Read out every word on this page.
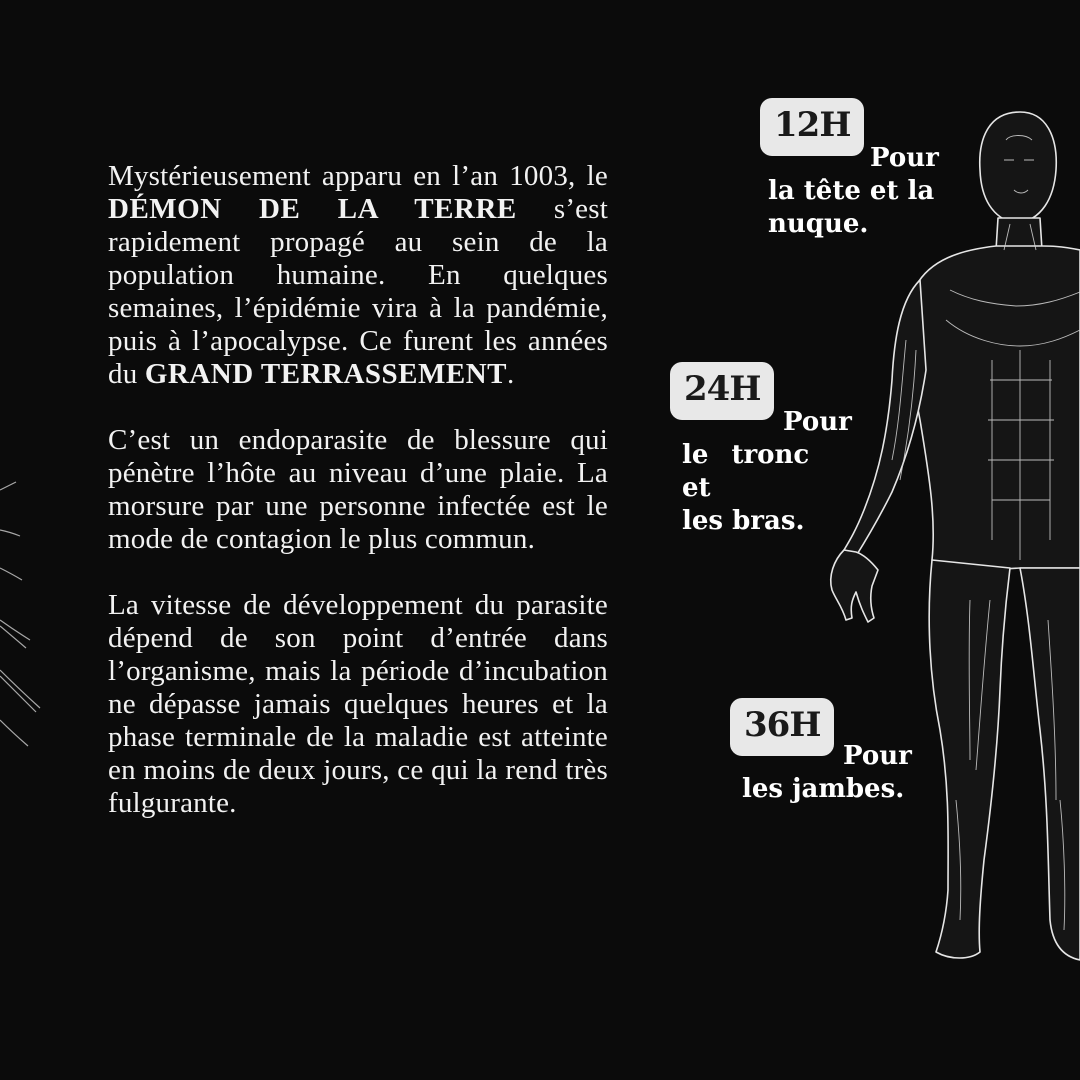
Mystérieusement apparu en l’an 1003, le DÉMON DE LA TERRE s’est rapidement propagé au sein de la population humaine. En quelques semaines, l’épidémie vira à la pandémie, puis à l’apocalypse. Ce furent les années du GRAND TERRASSEMENT.

C’est un endoparasite de blessure qui pénètre l’hôte au niveau d’une plaie. La morsure par une personne infectée est le mode de contagion le plus commun.

La vitesse de développement du parasite dépend de son point d’entrée dans l’organisme, mais la période d’incubation ne dépasse jamais quelques heures et la phase terminale de la maladie est atteinte en moins de deux jours, ce qui la rend très fulgurante.

12H
Pour
la tête et la
nuque.
24H
Pour
le tronc et
les bras.
36H
Pour
les jambes.
